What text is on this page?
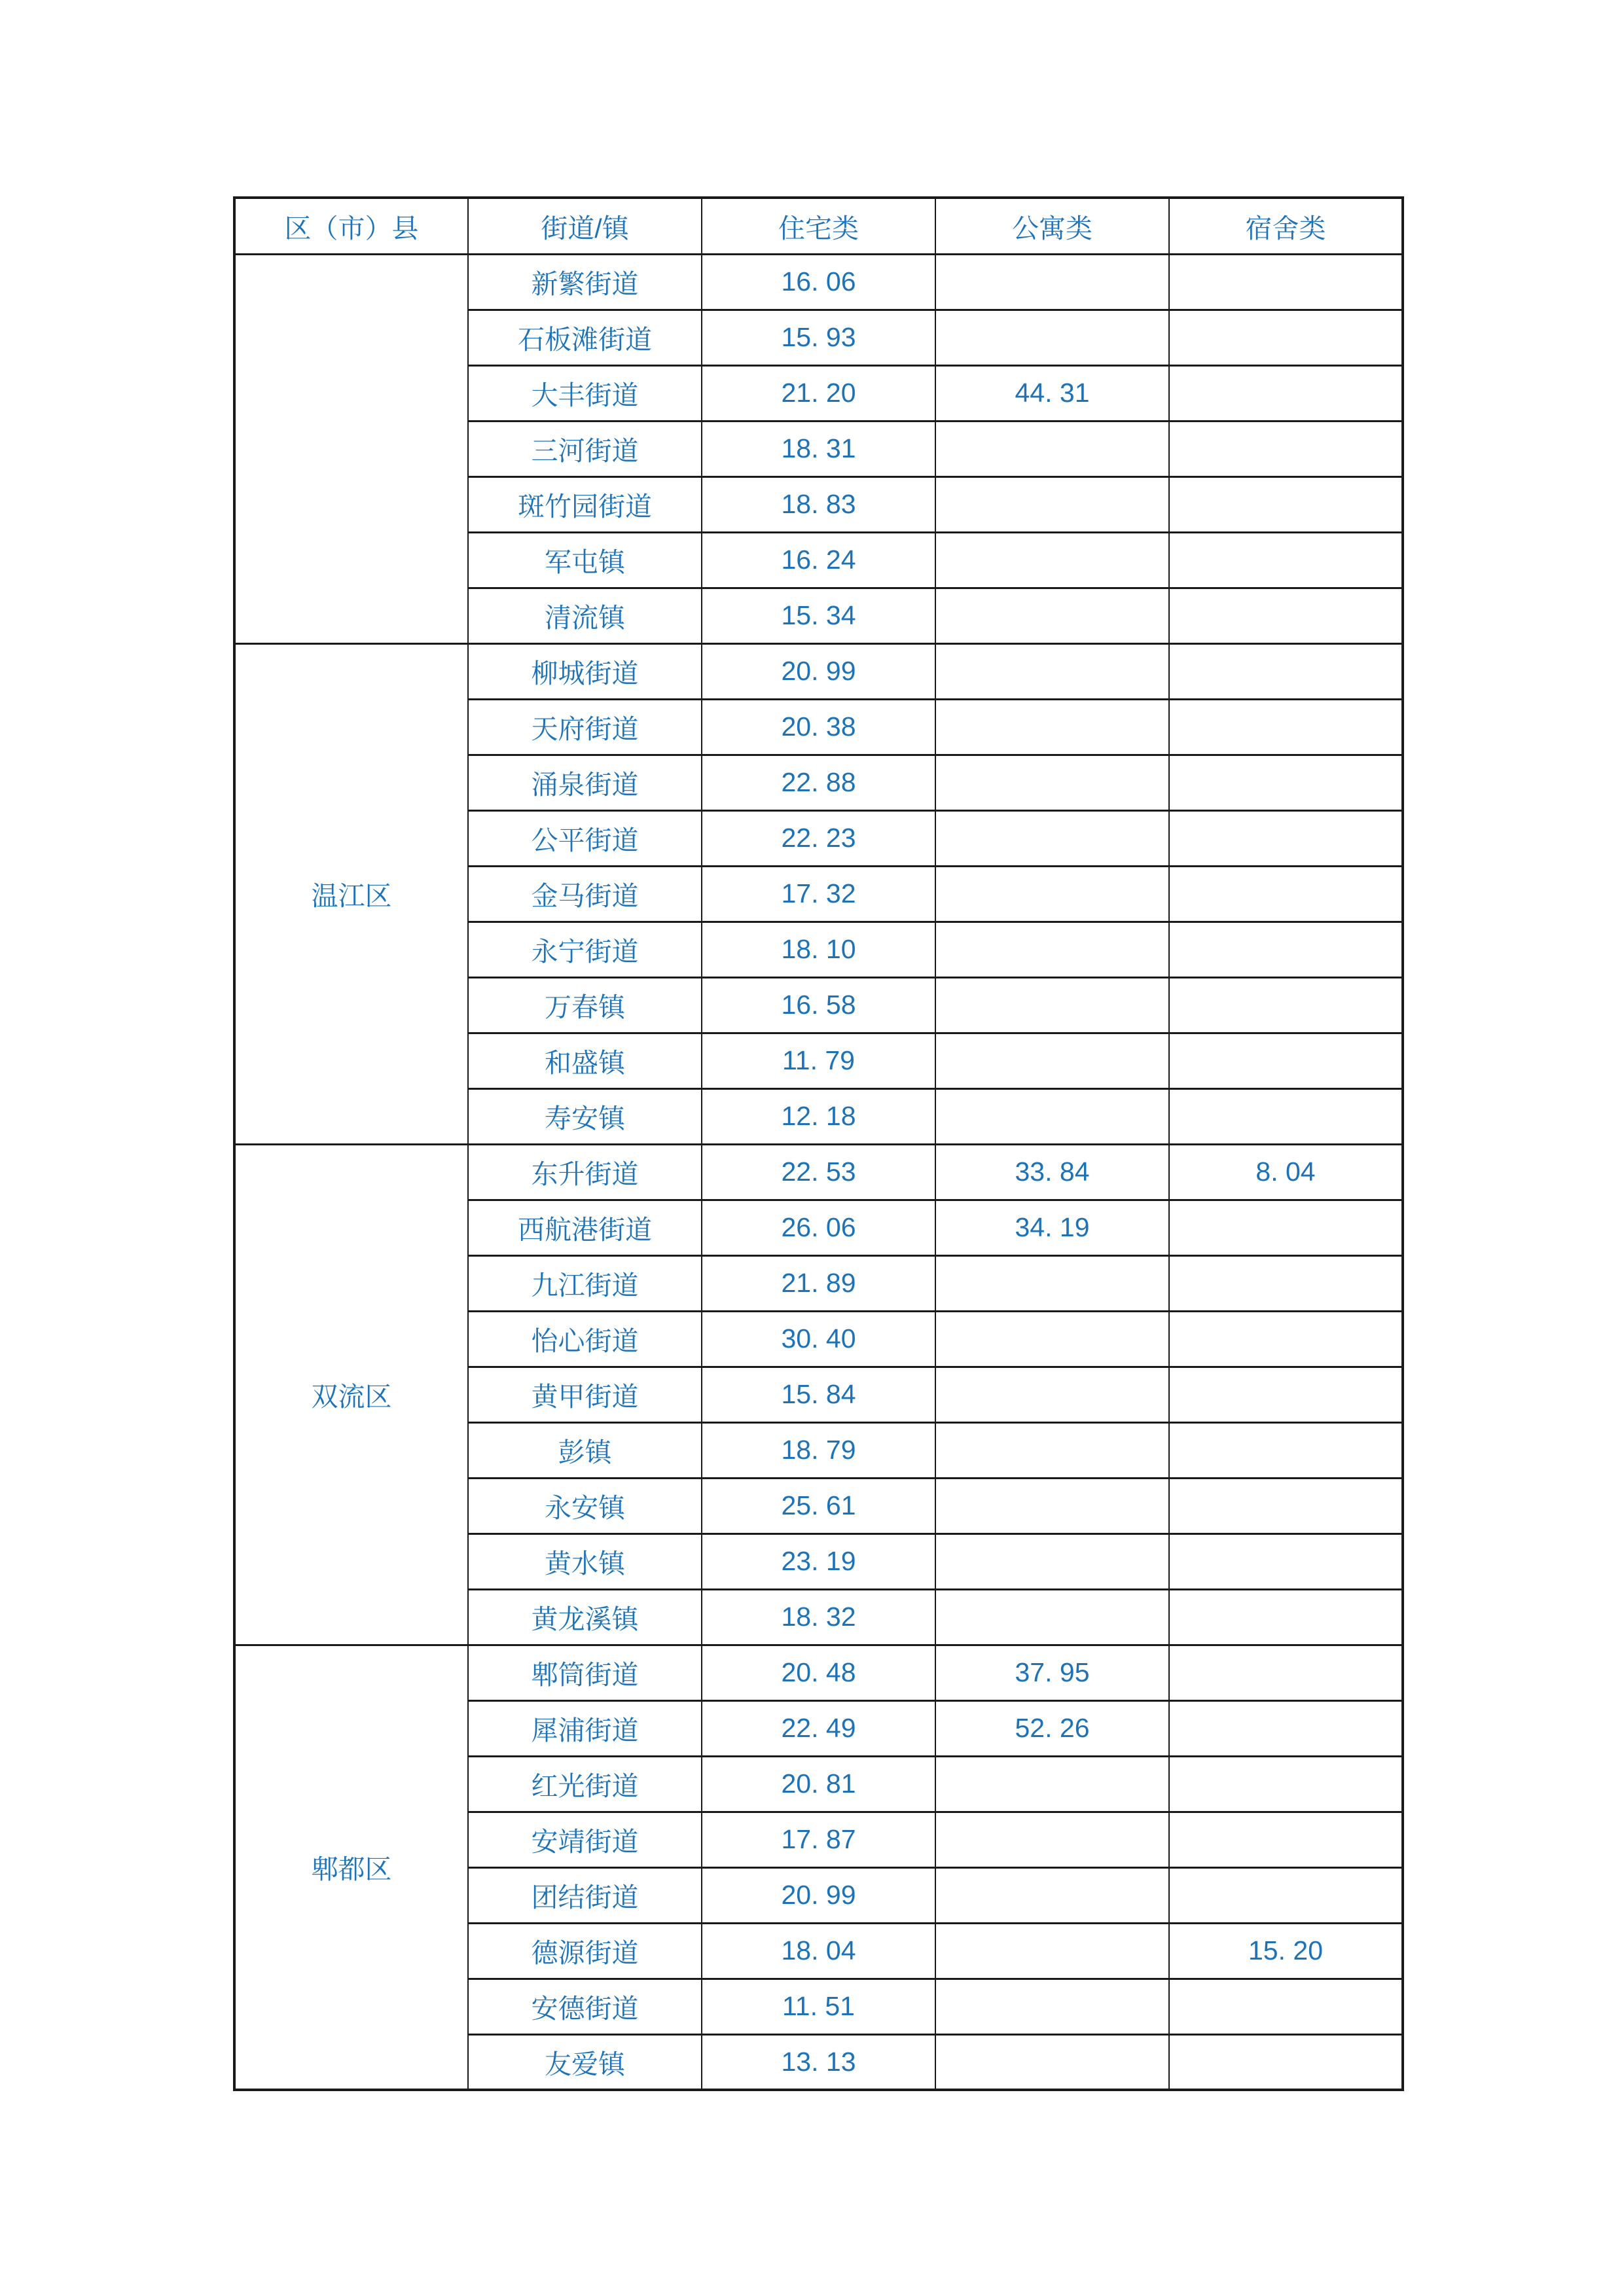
区（市）县	街道/镇	住宅类	公寓类	宿舍类
	新繁街道	16. 06		
	石板滩街道	15. 93		
	大丰街道	21. 20	44. 31	
	三河街道	18. 31		
	斑竹园街道	18. 83		
	军屯镇	16. 24		
	清流镇	15. 34		
温江区	柳城街道	20. 99		
	天府街道	20. 38		
	涌泉街道	22. 88		
	公平街道	22. 23		
	金马街道	17. 32		
	永宁街道	18. 10		
	万春镇	16. 58		
	和盛镇	11. 79		
	寿安镇	12. 18		
双流区	东升街道	22. 53	33. 84	8. 04
	西航港街道	26. 06	34. 19	
	九江街道	21. 89		
	怡心街道	30. 40		
	黄甲街道	15. 84		
	彭镇	18. 79		
	永安镇	25. 61		
	黄水镇	23. 19		
	黄龙溪镇	18. 32		
郫都区	郫筒街道	20. 48	37. 95	
	犀浦街道	22. 49	52. 26	
	红光街道	20. 81		
	安靖街道	17. 87		
	团结街道	20. 99		
	德源街道	18. 04		15. 20
	安德街道	11. 51		
	友爱镇	13. 13		
